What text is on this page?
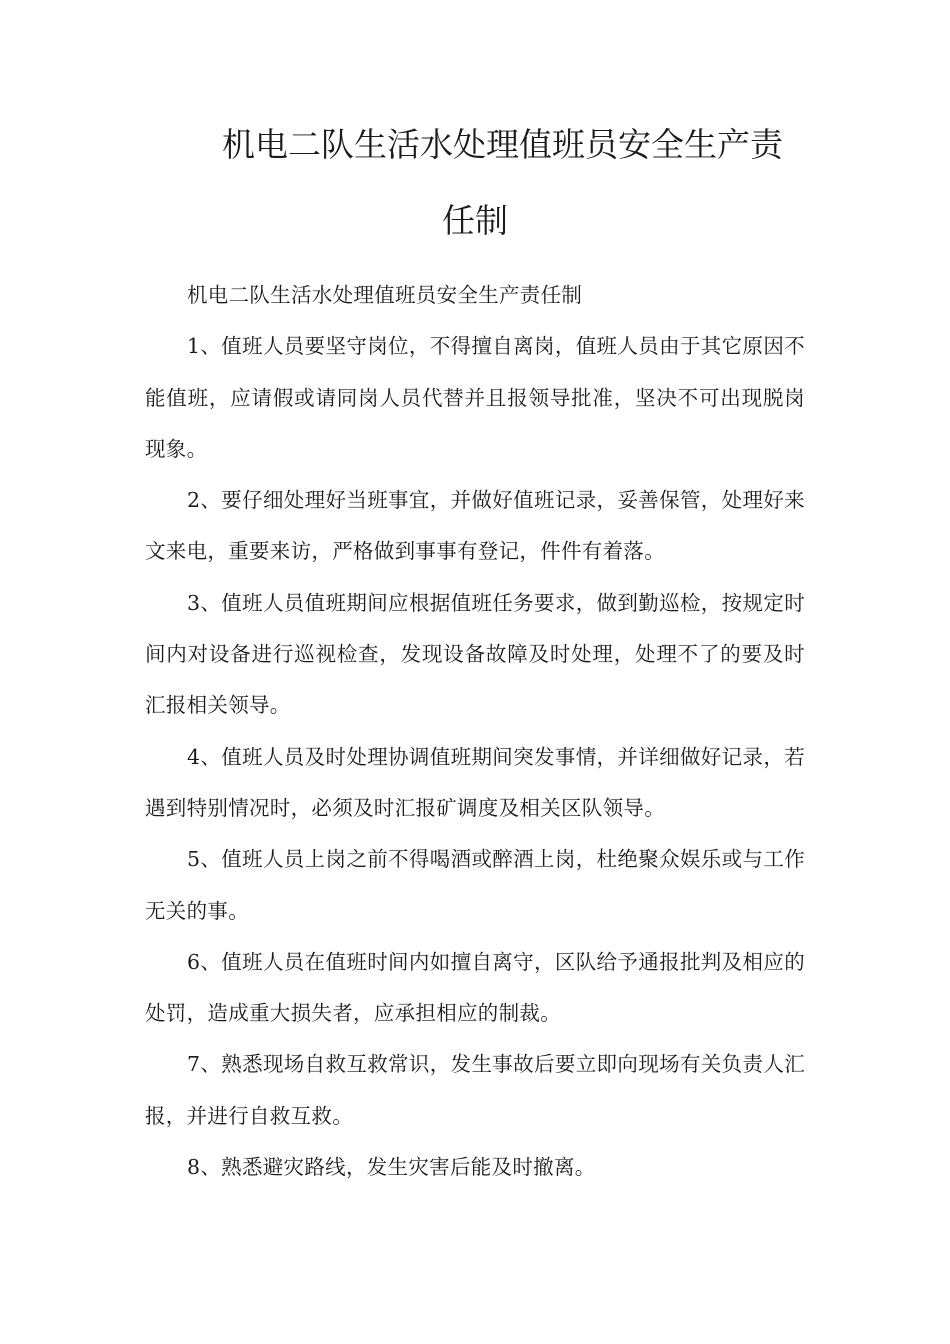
机电二队生活水处理值班员安全生产责
任制

机电二队生活水处理值班员安全生产责任制

1、值班人员要坚守岗位，不得擅自离岗，值班人员由于其它原因不能值班，应请假或请同岗人员代替并且报领导批准，坚决不可出现脱岗现象。

2、要仔细处理好当班事宜，并做好值班记录，妥善保管，处理好来文来电，重要来访，严格做到事事有登记，件件有着落。

3、值班人员值班期间应根据值班任务要求，做到勤巡检，按规定时间内对设备进行巡视检查，发现设备故障及时处理，处理不了的要及时汇报相关领导。

4、值班人员及时处理协调值班期间突发事情，并详细做好记录，若遇到特别情况时，必须及时汇报矿调度及相关区队领导。

5、值班人员上岗之前不得喝酒或醉酒上岗，杜绝聚众娱乐或与工作无关的事。

6、值班人员在值班时间内如擅自离守，区队给予通报批判及相应的处罚，造成重大损失者，应承担相应的制裁。

7、熟悉现场自救互救常识，发生事故后要立即向现场有关负责人汇报，并进行自救互救。

8、熟悉避灾路线，发生灾害后能及时撤离。
